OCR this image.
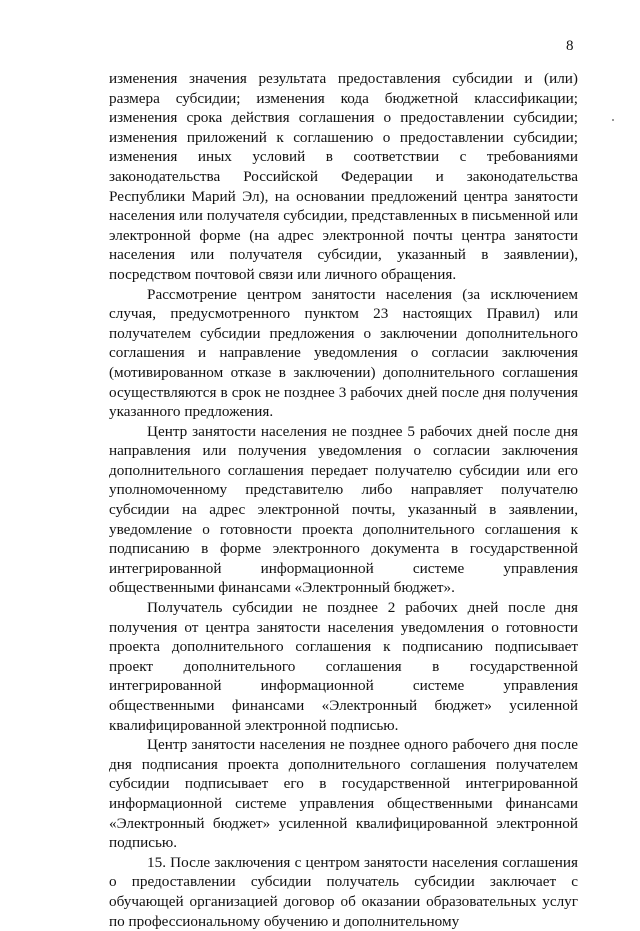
8

изменения значения результата предоставления субсидии и (или) размера субсидии; изменения кода бюджетной классификации; изменения срока действия соглашения о предоставлении субсидии; изменения приложений к соглашению о предоставлении субсидии; изменения иных условий в соответствии с требованиями законодательства Российской Федерации и законодательства Республики Марий Эл), на основании предложений центра занятости населения или получателя субсидии, представленных в письменной или электронной форме (на адрес электронной почты центра занятости населения или получателя субсидии, указанный в заявлении), посредством почтовой связи или личного обращения.

Рассмотрение центром занятости населения (за исключением случая, предусмотренного пунктом 23 настоящих Правил) или получателем субсидии предложения о заключении дополнительного соглашения и направление уведомления о согласии заключения (мотивированном отказе в заключении) дополнительного соглашения осуществляются в срок не позднее 3 рабочих дней после дня получения указанного предложения.

Центр занятости населения не позднее 5 рабочих дней после дня направления или получения уведомления о согласии заключения дополнительного соглашения передает получателю субсидии или его уполномоченному представителю либо направляет получателю субсидии на адрес электронной почты, указанный в заявлении, уведомление о готовности проекта дополнительного соглашения к подписанию в форме электронного документа в государственной интегрированной информационной системе управления общественными финансами «Электронный бюджет».

Получатель субсидии не позднее 2 рабочих дней после дня получения от центра занятости населения уведомления о готовности проекта дополнительного соглашения к подписанию подписывает проект дополнительного соглашения в государственной интегрированной информационной системе управления общественными финансами «Электронный бюджет» усиленной квалифицированной электронной подписью.

Центр занятости населения не позднее одного рабочего дня после дня подписания проекта дополнительного соглашения получателем субсидии подписывает его в государственной интегрированной информационной системе управления общественными финансами «Электронный бюджет» усиленной квалифицированной электронной подписью.

15. После заключения с центром занятости населения соглашения о предоставлении субсидии получатель субсидии заключает с обучающей организацией договор об оказании образовательных услуг по профессиональному обучению и дополнительному
